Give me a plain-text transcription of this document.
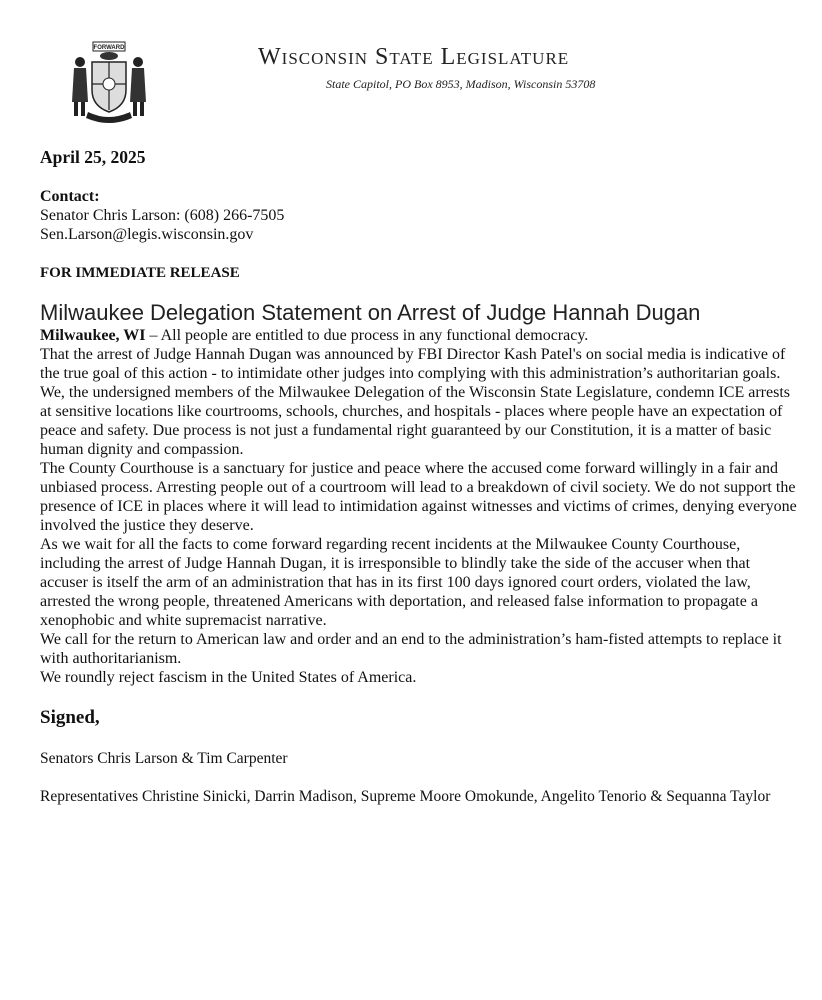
FORWARD	Wisconsin State Legislature
State Capitol, PO Box 8953, Madison, Wisconsin 53708
April 25, 2025
Contact:
Senator Chris Larson: (608) 266-7505
Sen.Larson@legis.wisconsin.gov
FOR IMMEDIATE RELEASE
Milwaukee Delegation Statement on Arrest of Judge Hannah Dugan

Milwaukee, WI – All people are entitled to due process in any functional democracy.

That the arrest of Judge Hannah Dugan was announced by FBI Director Kash Patel's on social media is indicative of the true goal of this action - to intimidate other judges into complying with this administration’s authoritarian goals.

We, the undersigned members of the Milwaukee Delegation of the Wisconsin State Legislature, condemn ICE arrests at sensitive locations like courtrooms, schools, churches, and hospitals - places where people have an expectation of peace and safety. Due process is not just a fundamental right guaranteed by our Constitution, it is a matter of basic human dignity and compassion.

The County Courthouse is a sanctuary for justice and peace where the accused come forward willingly in a fair and unbiased process. Arresting people out of a courtroom will lead to a breakdown of civil society. We do not support the presence of ICE in places where it will lead to intimidation against witnesses and victims of crimes, denying everyone involved the justice they deserve.

As we wait for all the facts to come forward regarding recent incidents at the Milwaukee County Courthouse, including the arrest of Judge Hannah Dugan, it is irresponsible to blindly take the side of the accuser when that accuser is itself the arm of an administration that has in its first 100 days ignored court orders, violated the law, arrested the wrong people, threatened Americans with deportation, and released false information to propagate a xenophobic and white supremacist narrative.

We call for the return to American law and order and an end to the administration’s ham-fisted attempts to replace it with authoritarianism.

We roundly reject fascism in the United States of America.

Signed,
Senators Chris Larson & Tim Carpenter
Representatives Christine Sinicki, Darrin Madison, Supreme Moore Omokunde, Angelito Tenorio & Sequanna Taylor
